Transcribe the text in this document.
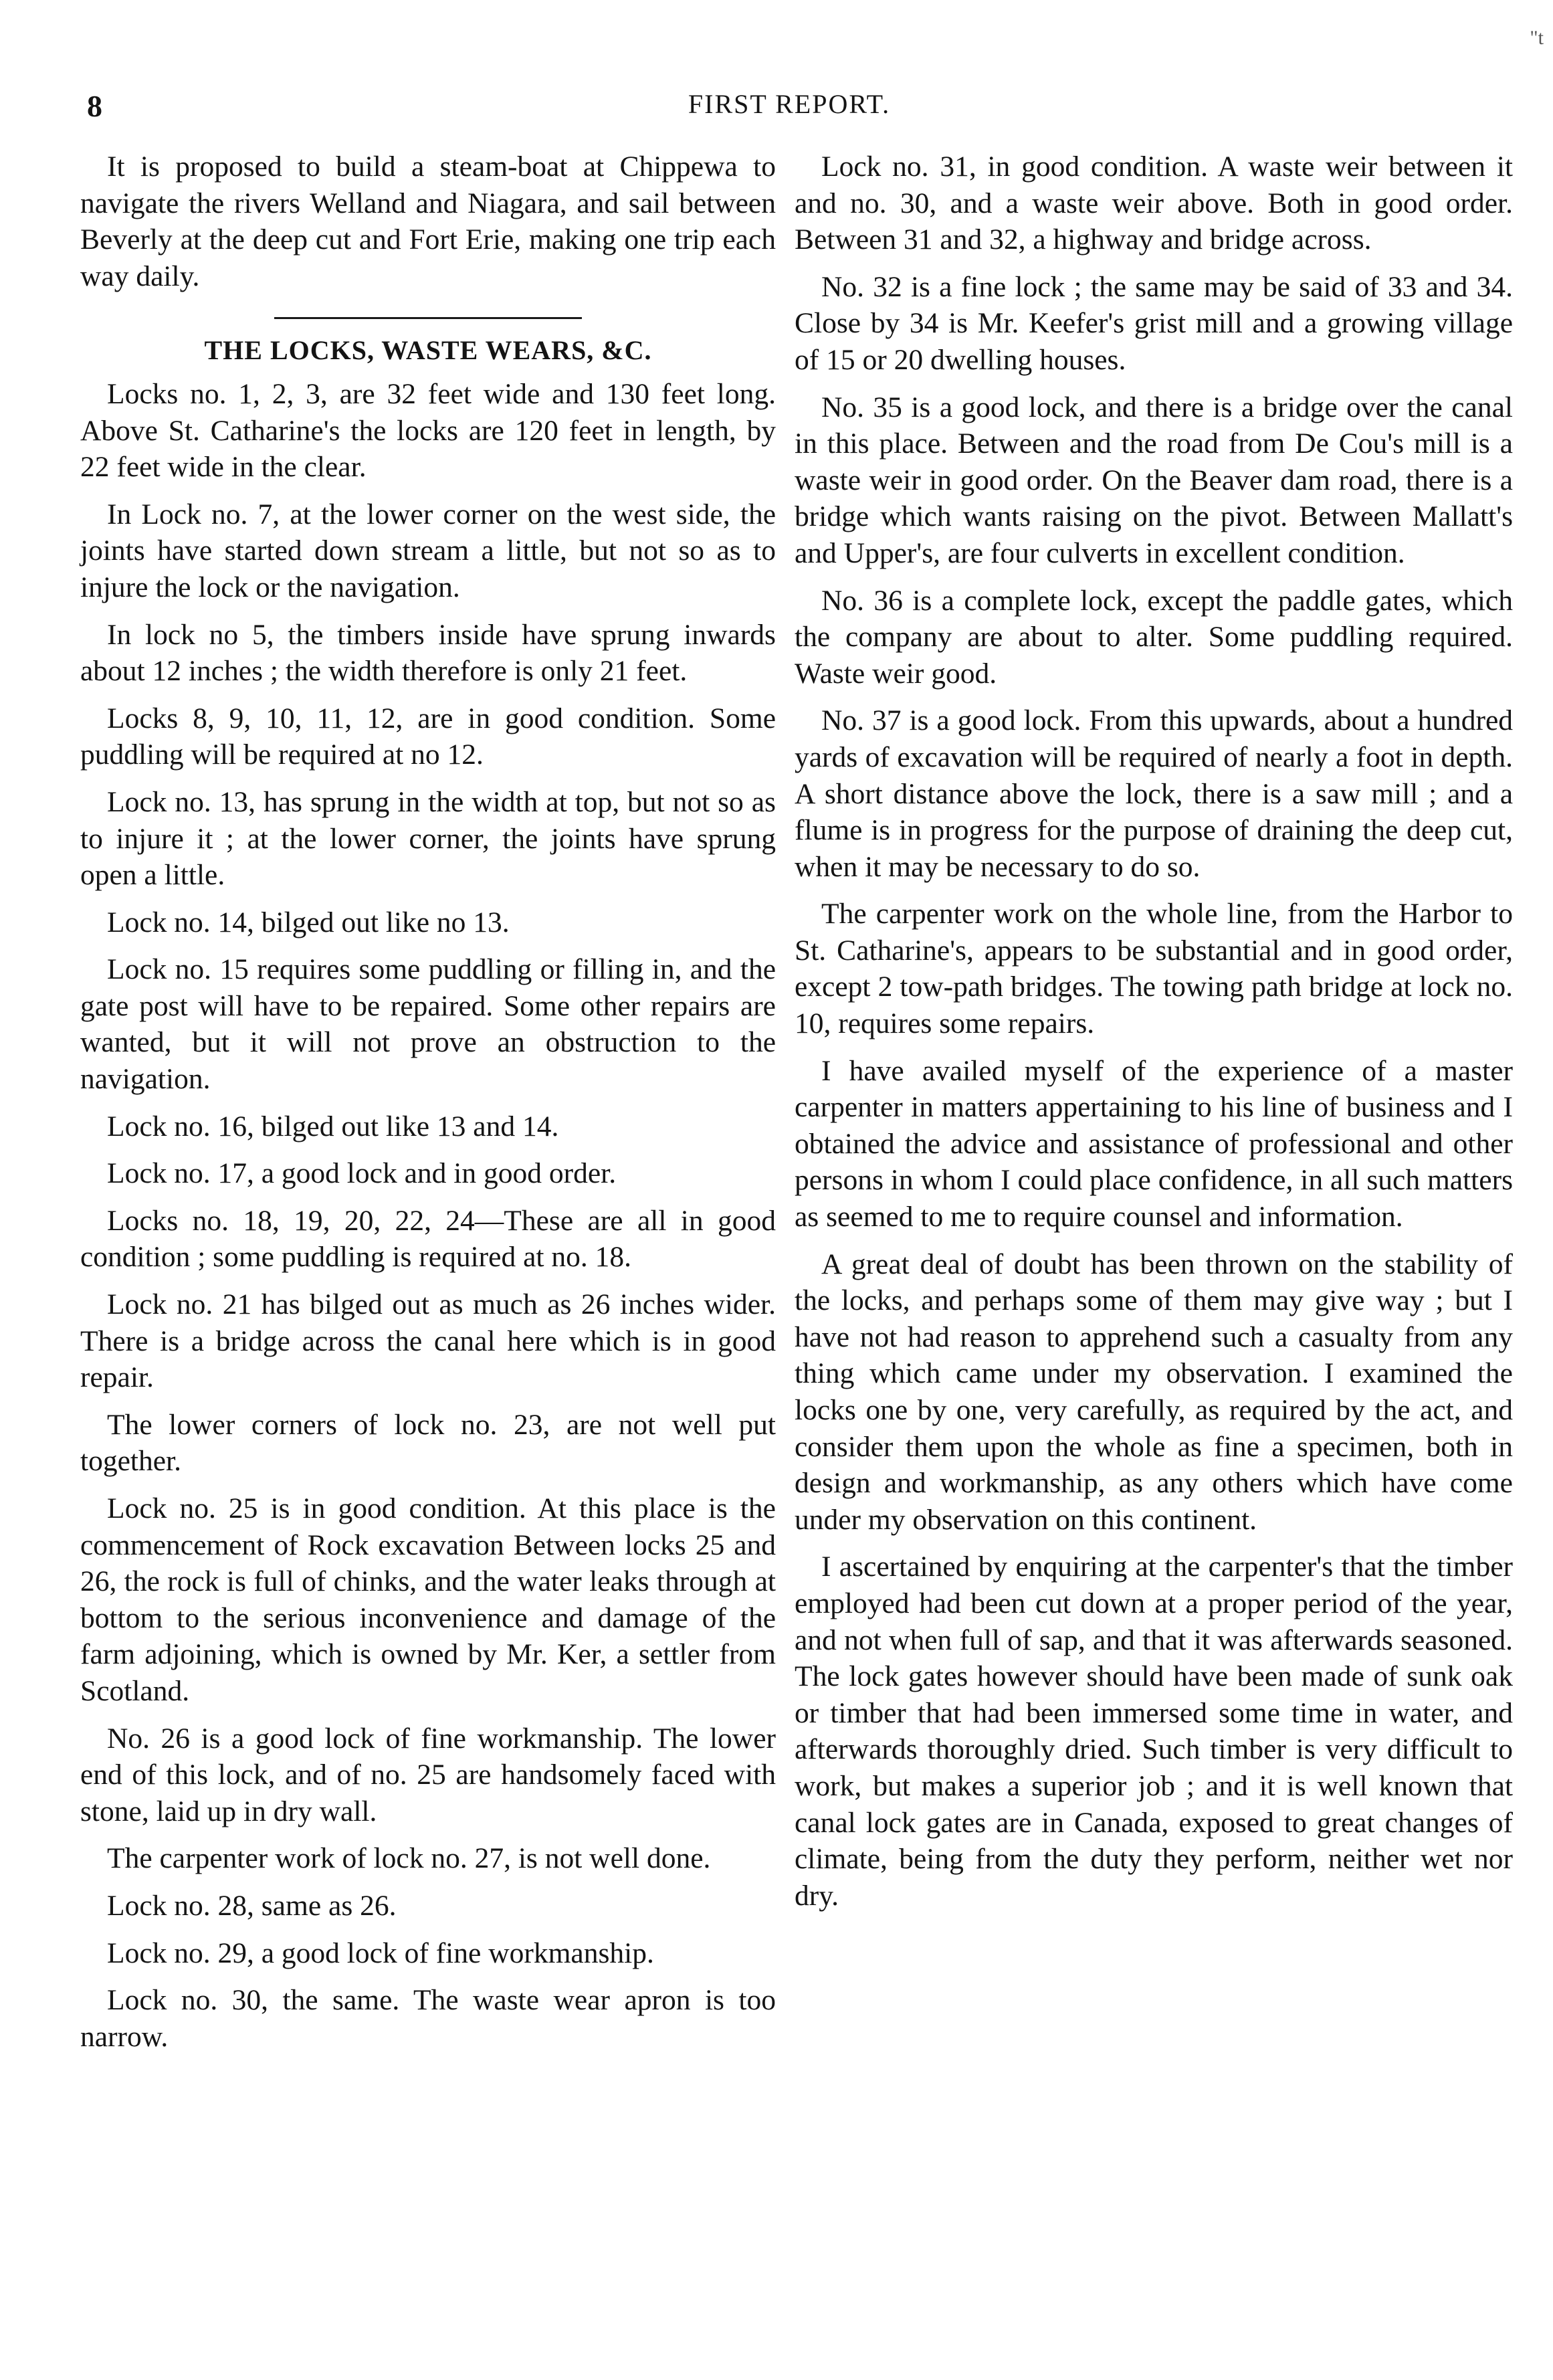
8	FIRST REPORT.
"t

It is proposed to build a steam-boat at Chippewa to navigate the rivers Welland and Niagara, and sail between Beverly at the deep cut and Fort Erie, making one trip each way daily.

THE LOCKS, WASTE WEARS, &C.

Locks no. 1, 2, 3, are 32 feet wide and 130 feet long. Above St. Catharine's the locks are 120 feet in length, by 22 feet wide in the clear.

In Lock no. 7, at the lower corner on the west side, the joints have started down stream a little, but not so as to injure the lock or the navigation.

In lock no 5, the timbers inside have sprung inwards about 12 inches ; the width therefore is only 21 feet.

Locks 8, 9, 10, 11, 12, are in good condition. Some puddling will be required at no 12.

Lock no. 13, has sprung in the width at top, but not so as to injure it ; at the lower corner, the joints have sprung open a little.

Lock no. 14, bilged out like no 13.

Lock no. 15 requires some puddling or filling in, and the gate post will have to be repaired. Some other repairs are wanted, but it will not prove an obstruction to the navigation.

Lock no. 16, bilged out like 13 and 14.

Lock no. 17, a good lock and in good order.

Locks no. 18, 19, 20, 22, 24—These are all in good condition ; some puddling is required at no. 18.

Lock no. 21 has bilged out as much as 26 inches wider. There is a bridge across the canal here which is in good repair.

The lower corners of lock no. 23, are not well put together.

Lock no. 25 is in good condition. At this place is the commencement of Rock excavation Between locks 25 and 26, the rock is full of chinks, and the water leaks through at bottom to the serious inconvenience and damage of the farm adjoining, which is owned by Mr. Ker, a settler from Scotland.

No. 26 is a good lock of fine workmanship. The lower end of this lock, and of no. 25 are handsomely faced with stone, laid up in dry wall.

The carpenter work of lock no. 27, is not well done.

Lock no. 28, same as 26.

Lock no. 29, a good lock of fine workmanship.

Lock no. 30, the same. The waste wear apron is too narrow.

Lock no. 31, in good condition. A waste weir between it and no. 30, and a waste weir above. Both in good order. Between 31 and 32, a highway and bridge across.

No. 32 is a fine lock ; the same may be said of 33 and 34. Close by 34 is Mr. Keefer's grist mill and a growing village of 15 or 20 dwelling houses.

No. 35 is a good lock, and there is a bridge over the canal in this place. Between and the road from De Cou's mill is a waste weir in good order. On the Beaver dam road, there is a bridge which wants raising on the pivot. Between Mallatt's and Upper's, are four culverts in excellent condition.

No. 36 is a complete lock, except the paddle gates, which the company are about to alter. Some puddling required. Waste weir good.

No. 37 is a good lock. From this upwards, about a hundred yards of excavation will be required of nearly a foot in depth. A short distance above the lock, there is a saw mill ; and a flume is in progress for the purpose of draining the deep cut, when it may be necessary to do so.

The carpenter work on the whole line, from the Harbor to St. Catharine's, appears to be substantial and in good order, except 2 tow-path bridges. The towing path bridge at lock no. 10, requires some repairs.

I have availed myself of the experience of a master carpenter in matters appertaining to his line of business and I obtained the advice and assistance of professional and other persons in whom I could place confidence, in all such matters as seemed to me to require counsel and information.

A great deal of doubt has been thrown on the stability of the locks, and perhaps some of them may give way ; but I have not had reason to apprehend such a casualty from any thing which came under my observation. I examined the locks one by one, very carefully, as required by the act, and consider them upon the whole as fine a specimen, both in design and workmanship, as any others which have come under my observation on this continent.

I ascertained by enquiring at the carpenter's that the timber employed had been cut down at a proper period of the year, and not when full of sap, and that it was afterwards seasoned. The lock gates however should have been made of sunk oak or timber that had been immersed some time in water, and afterwards thoroughly dried. Such timber is very difficult to work, but makes a superior job ; and it is well known that canal lock gates are in Canada, exposed to great changes of climate, being from the duty they perform, neither wet nor dry.
